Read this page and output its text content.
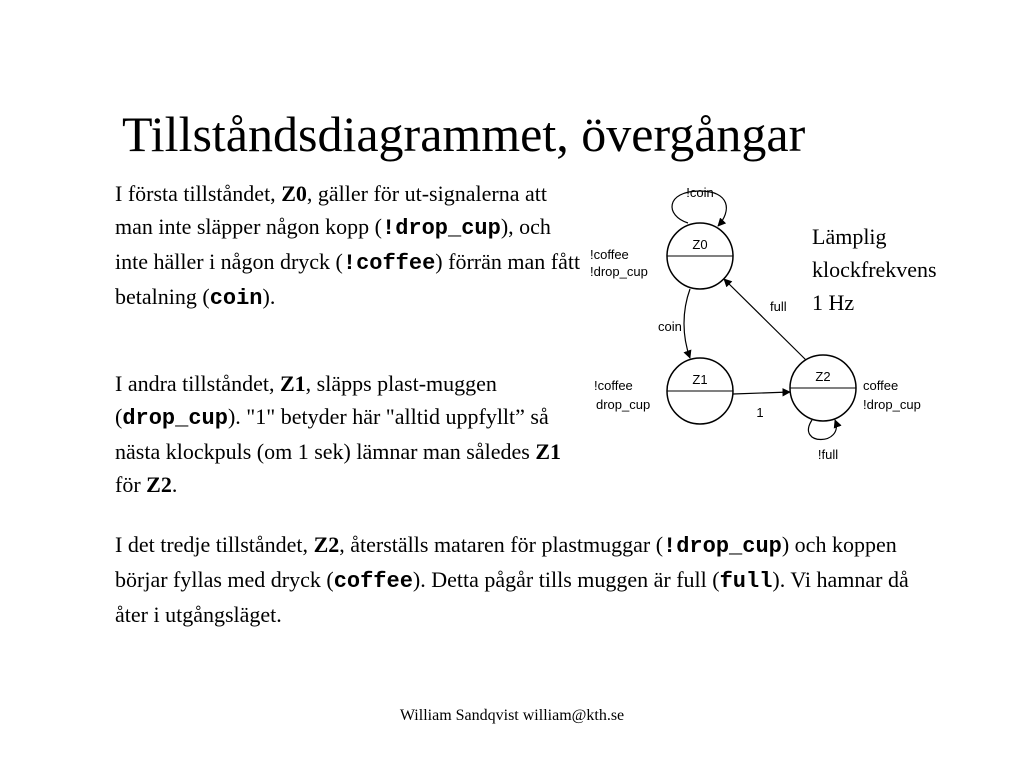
Tillståndsdiagrammet, övergångar
I första tillståndet, Z0, gäller för ut-signalerna att man inte släpper någon kopp (!drop_cup), och inte häller i någon dryck (!coffee) förrän man fått betalning (coin).
I andra tillståndet, Z1, släpps plast-muggen (drop_cup). "1" betyder här "alltid uppfyllt” så nästa klockpuls (om 1 sek) lämnar man således Z1 för Z2.
I det tredje tillståndet, Z2, återställs mataren för plastmuggar (!drop_cup) och koppen börjar fyllas med dryck (coffee). Detta pågår tills muggen är full (full). Vi hamnar då åter i utgångsläget.
Lämplig
klockfrekvens
1 Hz
Z0
!coffee
!drop_cup
!coin
Z1
!coffee
drop_cup
Z2
coffee
!drop_cup
!full
coin
1
full
William Sandqvist william@kth.se
